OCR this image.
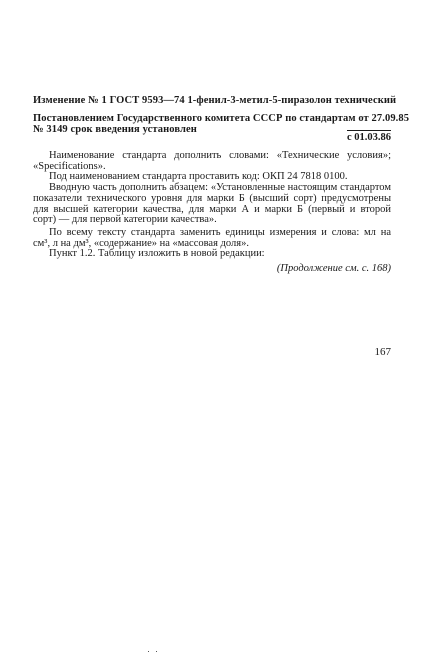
Изменение № 1 ГОСТ 9593—74 1-фенил-3-метил-5-пиразолон технический
Постановлением Государственного комитета СССР по стандартам от 27.09.85
№ 3149 срок введения установлен
с 01.03.86
Наименование стандарта дополнить словами: «Технические условия»;
«Specifications».
Под наименованием стандарта проставить код: ОКП 24 7818 0100.
Вводную часть дополнить абзацем: «Установленные настоящим стандартом
показатели технического уровня для марки Б (высший сорт) предусмотрены
для высшей категории качества, для марки А и марки Б (первый и второй
сорт) — для первой категории качества».
По всему тексту стандарта заменить единицы измерения и слова: мл на
см³, л на дм³, «содержание» на «массовая доля».
Пункт 1.2. Таблицу изложить в новой редакции:
(Продолжение см. с. 168)
167
